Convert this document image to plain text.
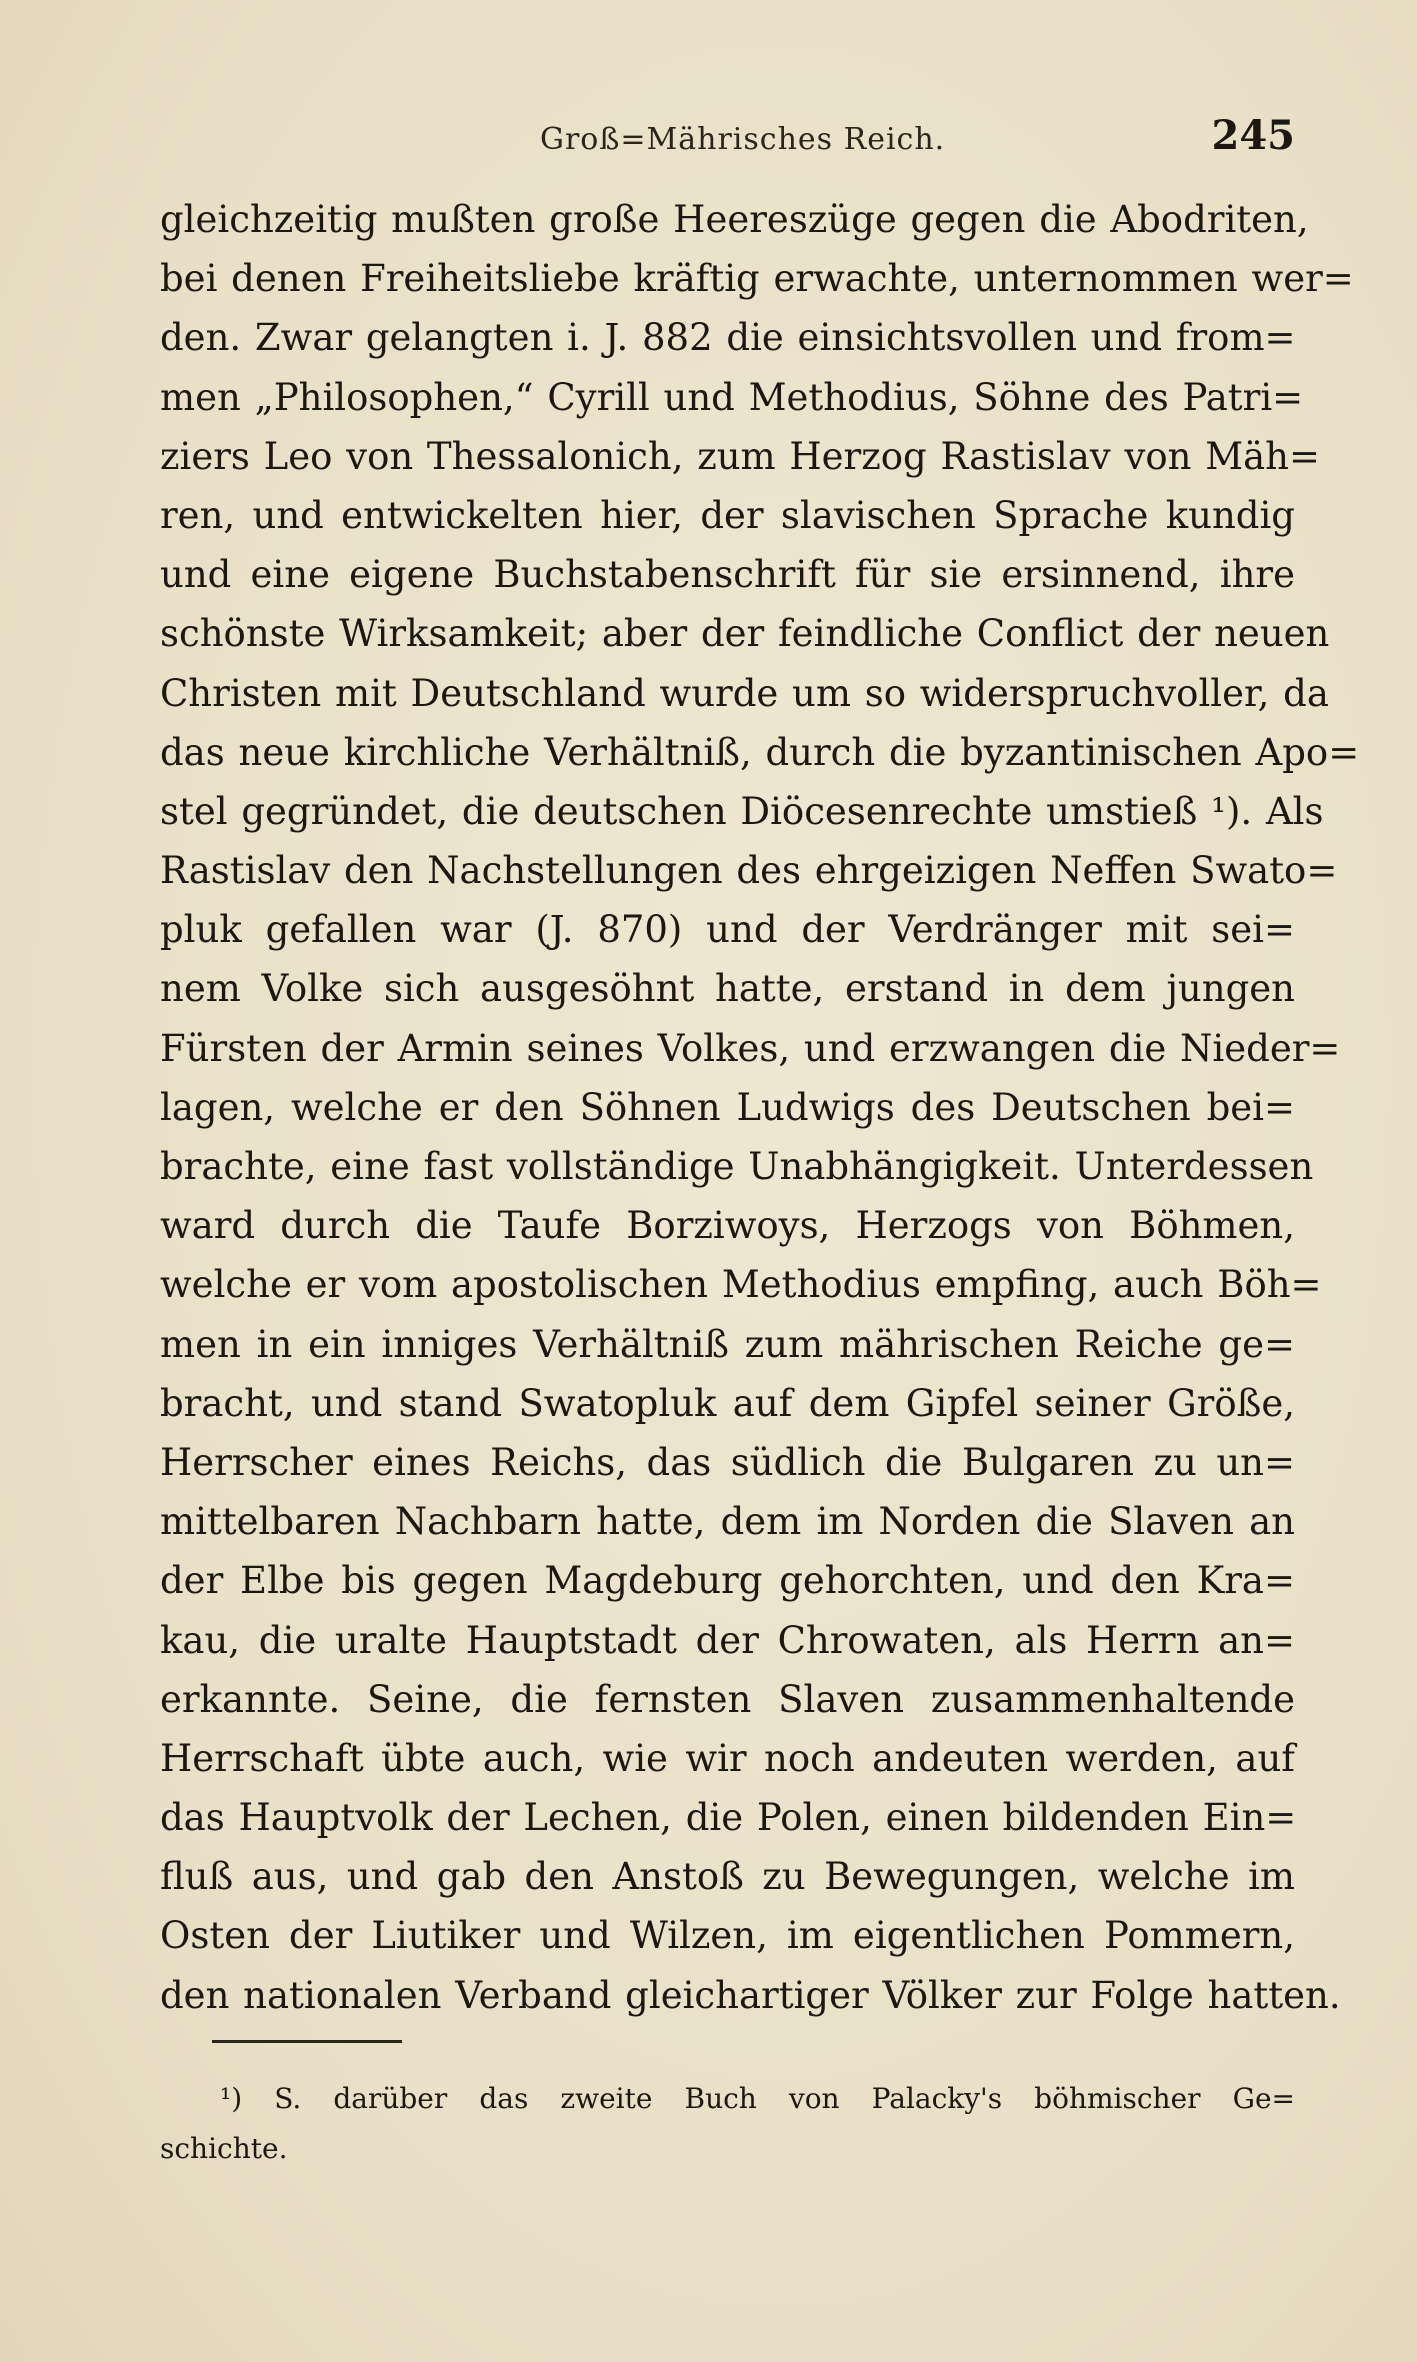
Groß=Mährisches Reich.	245
gleichzeitig mußten große Heereszüge gegen die Abodriten,
bei denen Freiheitsliebe kräftig erwachte, unternommen wer=
den. Zwar gelangten i. J. 882 die einsichtsvollen und from=
men „Philosophen,“ Cyrill und Methodius, Söhne des Patri=
ziers Leo von Thessalonich, zum Herzog Rastislav von Mäh=
ren, und entwickelten hier, der slavischen Sprache kundig
und eine eigene Buchstabenschrift für sie ersinnend, ihre
schönste Wirksamkeit; aber der feindliche Conflict der neuen
Christen mit Deutschland wurde um so widerspruchvoller, da
das neue kirchliche Verhältniß, durch die byzantinischen Apo=
stel gegründet, die deutschen Diöcesenrechte umstieß ¹). Als
Rastislav den Nachstellungen des ehrgeizigen Neffen Swato=
pluk gefallen war (J. 870) und der Verdränger mit sei=
nem Volke sich ausgesöhnt hatte, erstand in dem jungen
Fürsten der Armin seines Volkes, und erzwangen die Nieder=
lagen, welche er den Söhnen Ludwigs des Deutschen bei=
brachte, eine fast vollständige Unabhängigkeit. Unterdessen
ward durch die Taufe Borziwoys, Herzogs von Böhmen,
welche er vom apostolischen Methodius empfing, auch Böh=
men in ein inniges Verhältniß zum mährischen Reiche ge=
bracht, und stand Swatopluk auf dem Gipfel seiner Größe,
Herrscher eines Reichs, das südlich die Bulgaren zu un=
mittelbaren Nachbarn hatte, dem im Norden die Slaven an
der Elbe bis gegen Magdeburg gehorchten, und den Kra=
kau, die uralte Hauptstadt der Chrowaten, als Herrn an=
erkannte. Seine, die fernsten Slaven zusammenhaltende
Herrschaft übte auch, wie wir noch andeuten werden, auf
das Hauptvolk der Lechen, die Polen, einen bildenden Ein=
fluß aus, und gab den Anstoß zu Bewegungen, welche im
Osten der Liutiker und Wilzen, im eigentlichen Pommern,
den nationalen Verband gleichartiger Völker zur Folge hatten.
¹) S. darüber das zweite Buch von Palacky's böhmischer Ge=
schichte.
